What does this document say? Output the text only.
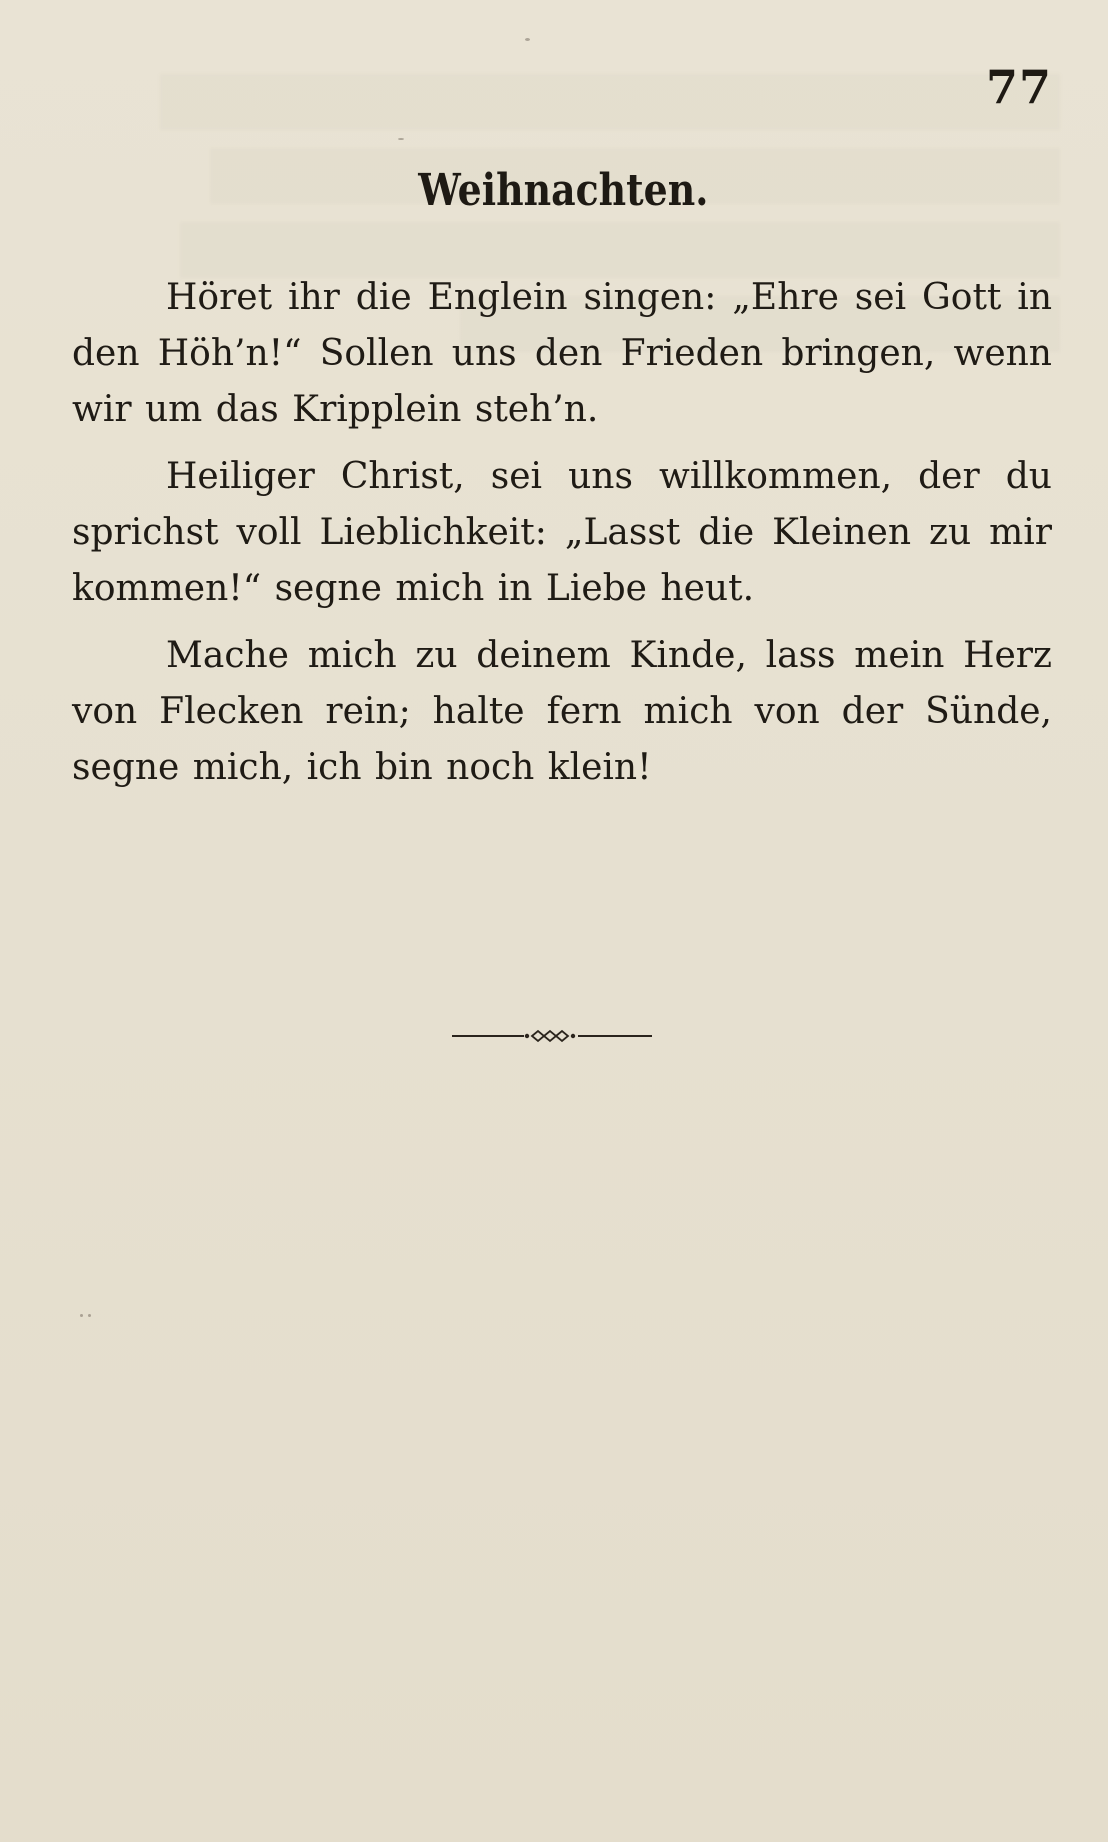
77
Weihnachten.

Höret ihr die Englein singen: „Ehre sei Gott in den Höh’n!“ Sollen uns den Frieden bringen, wenn wir um das Kripplein steh’n.

Heiliger Christ, sei uns willkommen, der du sprichst voll Lieblichkeit: „Lasst die Kleinen zu mir kommen!“ segne mich in Liebe heut.

Mache mich zu deinem Kinde, lass mein Herz von Flecken rein; halte fern mich von der Sünde, segne mich, ich bin noch klein!
